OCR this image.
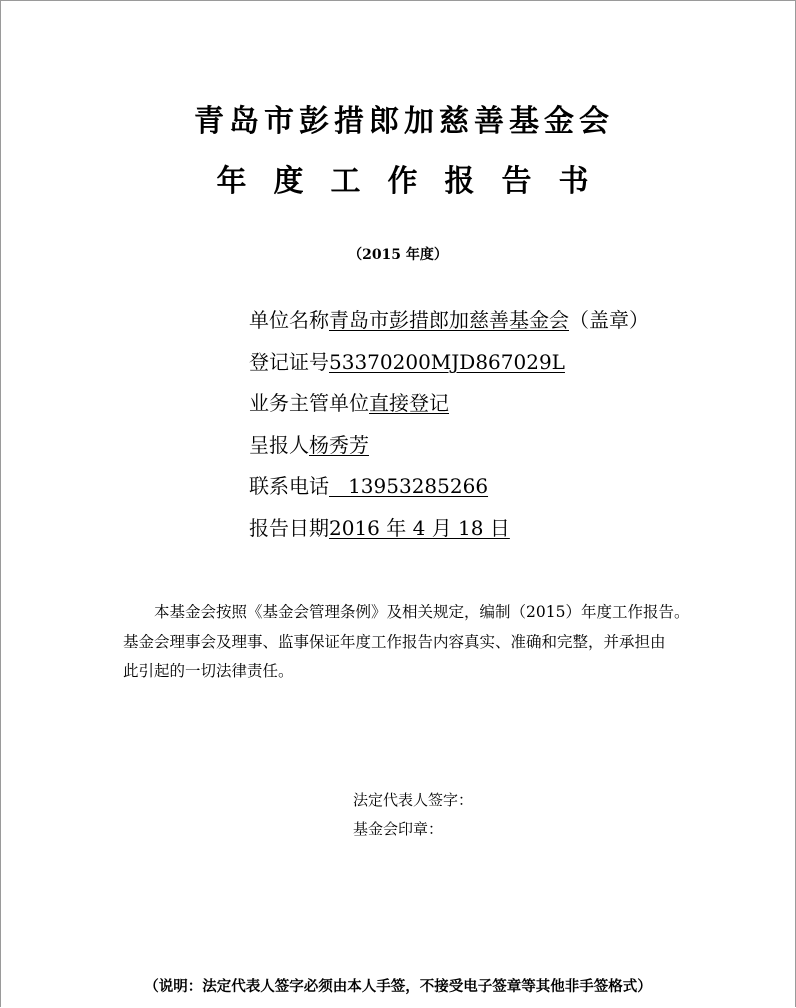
青岛市彭措郎加慈善基金会
年度工作报告书
（2015 年度）
单位名称青岛市彭措郎加慈善基金会（盖章）
登记证号53370200MJD867029L
业务主管单位直接登记
呈报人杨秀芳
联系电话   13953285266
报告日期2016 年 4 月 18 日

本基金会按照《基金会管理条例》及相关规定，编制（2015）年度工作报告。

基金会理事会及理事、监事保证年度工作报告内容真实、准确和完整，并承担由

此引起的一切法律责任。

法定代表人签字：
基金会印章：
（说明：法定代表人签字必须由本人手签，不接受电子签章等其他非手签格式）
